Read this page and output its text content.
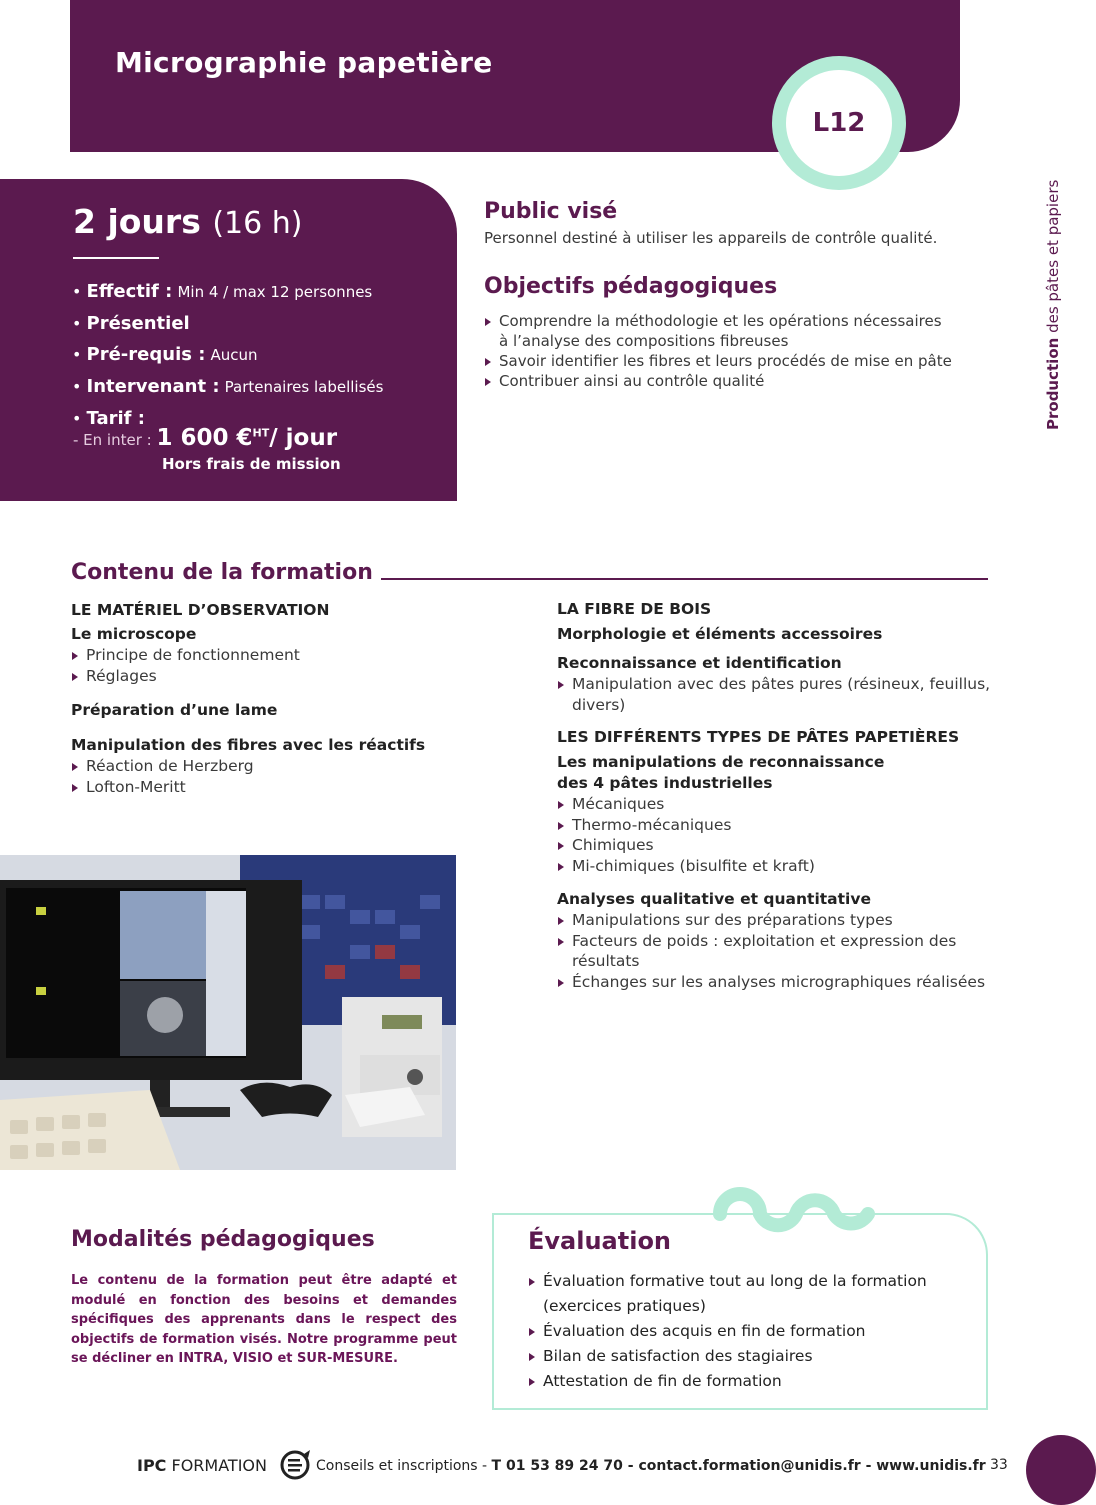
Micrographie papetière
L12
Production des pâtes et papiers
2 jours (16 h)
• Effectif : Min 4 / max 12 personnes
• Présentiel
• Pré-requis : Aucun
• Intervenant : Partenaires labellisés
• Tarif :
- En inter : 1 600 €$^{HT}$/ jour
Hors frais de mission
Public visé

Personnel destiné à utiliser les appareils de contrôle qualité.

Objectifs pédagogiques
Comprendre la méthodologie et les opérations nécessaires à l’analyse des compositions fibreuses
Savoir identifier les fibres et leurs procédés de mise en pâte
Contribuer ainsi au contrôle qualité
Contenu de la formation
LE MATÉRIEL D’OBSERVATION
Le microscope
Principe de fonctionnement
Réglages
Préparation d’une lame
Manipulation des fibres avec les réactifs
Réaction de Herzberg
Lofton-Meritt
LA FIBRE DE BOIS
Morphologie et éléments accessoires
Reconnaissance et identification
Manipulation avec des pâtes pures (résineux, feuillus, divers)
LES DIFFÉRENTS TYPES DE PÂTES PAPETIÈRES
Les manipulations de reconnaissance
des 4 pâtes industrielles
Mécaniques
Thermo-mécaniques
Chimiques
Mi-chimiques (bisulfite et kraft)
Analyses qualitative et quantitative
Manipulations sur des préparations types
Facteurs de poids : exploitation et expression des résultats
Échanges sur les analyses micrographiques réalisées
Modalités pédagogiques

Le contenu de la formation peut être adapté et modulé en fonction des besoins et demandes spécifiques des apprenants dans le respect des objectifs de formation visés. Notre programme peut se décliner en INTRA, VISIO et SUR-MESURE.

Évaluation
Évaluation formative tout au long de la formation (exercices pratiques)
Évaluation des acquis en fin de formation
Bilan de satisfaction des stagiaires
Attestation de fin de formation
IPC FORMATION	Conseils et inscriptions - T 01 53 89 24 70 - contact.formation@unidis.fr - www.unidis.fr 33
